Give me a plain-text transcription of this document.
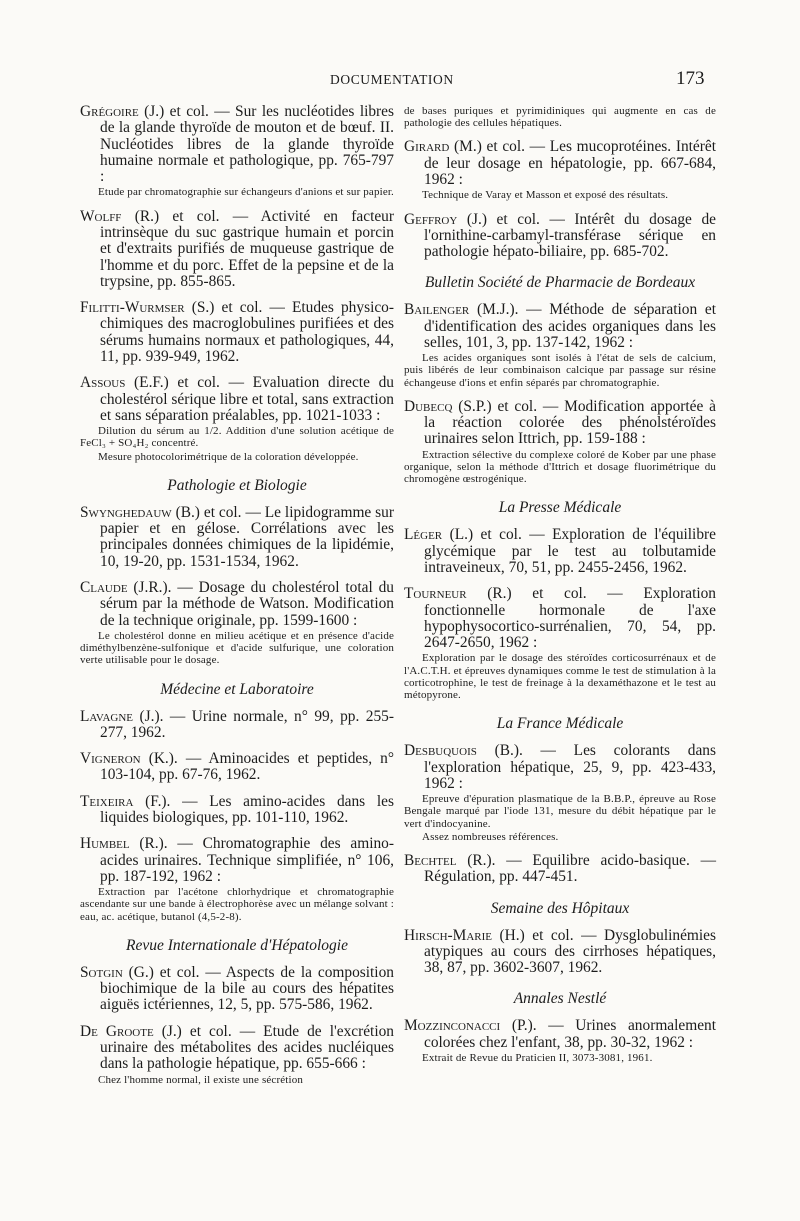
DOCUMENTATION	173

Grégoire (J.) et col. — Sur les nucléotides libres de la glande thyroïde de mouton et de bœuf. II. Nucléotides libres de la glande thyroïde humaine normale et pathologique, pp. 765-797 :

Etude par chromatographie sur échangeurs d'anions et sur papier.

Wolff (R.) et col. — Activité en facteur intrinsèque du suc gastrique humain et porcin et d'extraits purifiés de muqueuse gastrique de l'homme et du porc. Effet de la pepsine et de la trypsine, pp. 855-865.

Filitti-Wurmser (S.) et col. — Etudes physico-chimiques des macroglobulines purifiées et des sérums humains normaux et pathologiques, 44, 11, pp. 939-949, 1962.

Assous (E.F.) et col. — Evaluation directe du cholestérol sérique libre et total, sans extraction et sans séparation préalables, pp. 1021-1033 :

Dilution du sérum au 1/2. Addition d'une solution acétique de FeCl₃ + SO₄H₂ concentré.

Mesure photocolorimétrique de la coloration développée.

Pathologie et Biologie

Swynghedauw (B.) et col. — Le lipidogramme sur papier et en gélose. Corrélations avec les principales données chimiques de la lipidémie, 10, 19-20, pp. 1531-1534, 1962.

Claude (J.R.). — Dosage du cholestérol total du sérum par la méthode de Watson. Modification de la technique originale, pp. 1599-1600 :

Le cholestérol donne en milieu acétique et en présence d'acide diméthylbenzène-sulfonique et d'acide sulfurique, une coloration verte utilisable pour le dosage.

Médecine et Laboratoire

Lavagne (J.). — Urine normale, n° 99, pp. 255-277, 1962.

Vigneron (K.). — Aminoacides et peptides, n° 103-104, pp. 67-76, 1962.

Teixeira (F.). — Les amino-acides dans les liquides biologiques, pp. 101-110, 1962.

Humbel (R.). — Chromatographie des amino-acides urinaires. Technique simplifiée, n° 106, pp. 187-192, 1962 :

Extraction par l'acétone chlorhydrique et chromatographie ascendante sur une bande à électrophorèse avec un mélange solvant : eau, ac. acétique, butanol (4,5-2-8).

Revue Internationale d'Hépatologie

Sotgin (G.) et col. — Aspects de la composition biochimique de la bile au cours des hépatites aiguës ictériennes, 12, 5, pp. 575-586, 1962.

De Groote (J.) et col. — Etude de l'excrétion urinaire des métabolites des acides nucléiques dans la pathologie hépatique, pp. 655-666 :

Chez l'homme normal, il existe une sécrétion

de bases puriques et pyrimidiniques qui augmente en cas de pathologie des cellules hépatiques.

Girard (M.) et col. — Les mucoprotéines. Intérêt de leur dosage en hépatologie, pp. 667-684, 1962 :

Technique de Varay et Masson et exposé des résultats.

Geffroy (J.) et col. — Intérêt du dosage de l'ornithine-carbamyl-transférase sérique en pathologie hépato-biliaire, pp. 685-702.

Bulletin Société de Pharmacie de Bordeaux

Bailenger (M.J.). — Méthode de séparation et d'identification des acides organiques dans les selles, 101, 3, pp. 137-142, 1962 :

Les acides organiques sont isolés à l'état de sels de calcium, puis libérés de leur combinaison calcique par passage sur résine échangeuse d'ions et enfin séparés par chromatographie.

Dubecq (S.P.) et col. — Modification apportée à la réaction colorée des phénolstéroïdes urinaires selon Ittrich, pp. 159-188 :

Extraction sélective du complexe coloré de Kober par une phase organique, selon la méthode d'Ittrich et dosage fluorimétrique du chromogène œstrogénique.

La Presse Médicale

Léger (L.) et col. — Exploration de l'équilibre glycémique par le test au tolbutamide intraveineux, 70, 51, pp. 2455-2456, 1962.

Tourneur (R.) et col. — Exploration fonctionnelle hormonale de l'axe hypophysocortico-surrénalien, 70, 54, pp. 2647-2650, 1962 :

Exploration par le dosage des stéroïdes corticosurrénaux et de l'A.C.T.H. et épreuves dynamiques comme le test de stimulation à la corticotrophine, le test de freinage à la dexaméthazone et le test au métopyrone.

La France Médicale

Desbuquois (B.). — Les colorants dans l'exploration hépatique, 25, 9, pp. 423-433, 1962 :

Epreuve d'épuration plasmatique de la B.B.P., épreuve au Rose Bengale marqué par l'iode 131, mesure du débit hépatique par le vert d'indocyanine.

Assez nombreuses références.

Bechtel (R.). — Equilibre acido-basique. — Régulation, pp. 447-451.

Semaine des Hôpitaux

Hirsch-Marie (H.) et col. — Dysglobulinémies atypiques au cours des cirrhoses hépatiques, 38, 87, pp. 3602-3607, 1962.

Annales Nestlé

Mozzinconacci (P.). — Urines anormalement colorées chez l'enfant, 38, pp. 30-32, 1962 :

Extrait de Revue du Praticien II, 3073-3081, 1961.
